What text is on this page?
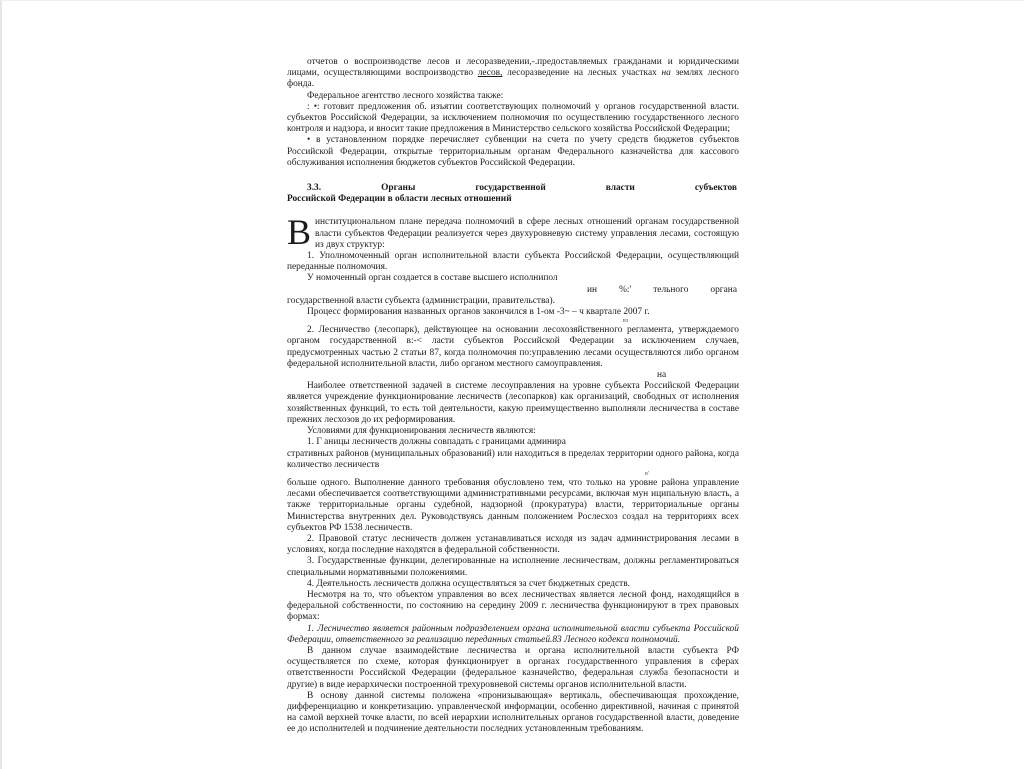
отчетов о воспроизводстве лесов и лесоразведении,-.предоставляемых гражданами и юридическими лицами, осуществляющими воспроизводство лесов, лесоразведение на лесных участках на землях лесного фонда.

Федеральное агентство лесного хозяйства также:

: •: готовит предложения об. изъятии соответствующих полномочий у органов государственной власти. субъектов Российской Федерации, за исключением полномочия по осуществлению государственного лесного контроля и надзора, и вносит такие предложения в Министерство сельского хозяйства Российской Федерации;

• в установленном порядке перечисляет субвенции на счета по учету средств бюджетов субъектов Российской Федерации, открытые территориальным органам Федерального казначейства для кассового обслуживания исполнения бюджетов субъектов Российской Федерации.

3.3.	Органы	государственной	власти	субъектов
Российской Федерации в области лесных отношений

Винституциональном плане передача полномочий в сфере лесных отношений органам государственной власти субъектов Федерации реализуется через двухуровневую систему управления лесами, состоящую из двух структур:

1. Уполномоченный орган исполнительной власти субъекта Российской Федерации, осуществляющий переданные полномочия.

У номоченный орган создается в составе высшего исполнипол

ин %:' тельного органа

государственной власти субъекта (администрации, правительства).

Процесс формирования названных органов закончился в 1-ом -3~ – ч квартале 2007 г.

вз

2. Лесничество (лесопарк), действующее на основании лесохозяйственного регламента, утверждаемого органом государственной в:-< ласти субъектов Российской Федерации за исключением случаев, предусмотренных частью 2 статьи 87, когда полномочия по:управлению лесами осуществляются либо органом федеральной исполнительной власти, либо органом местного самоуправления.

на

Наиболее ответственной задачей в системе лесоуправления на уровне субъекта Российской Федерации является учреждение функционирование лесничеств (лесопарков) как организаций, свободных от исполнения хозяйственных функций, то есть той деятельности, какую преимущественно выполняли лесничества в составе прежних лесхозов до их реформирования.

Условиями для функционирования лесничеств являются:

1. Г аницы лесничеств должны совпадать с границами админира

стративных районов (муниципальных образований) или находиться в пределах территории одного района, когда количество лесничеств

в'

больше одного. Выполнение данного требования обусловлено тем, что только на уровне района управление лесами обеспечивается соответствующими административными ресурсами, включая мун иципальную власть, а также территориальные органы судебной, надзорной (прокуратура) власти, территориальные органы Министерства внутренних дел. Руководствуясь данным положением Рослесхоз создал на территориях всех субъектов РФ 1538 лесничеств.

2. Правовой статус лесничеств должен устанавливаться исходя из задач администрирования лесами в условиях, когда последние находятся в федеральной собственности.

3. Государственные функции, делегированные на исполнение лесничествам, должны регламентироваться специальными нормативными положениями.

4. Деятельность лесничеств должна осуществляться за счет бюджетных средств.

Несмотря на то, что объектом управления во всех лесничествах является лесной фонд, находящийся в федеральной собственности, по состоянию на середину 2009 г. лесничества функционируют в трех правовых формах:

1. Лесничество является районным подразделением органа исполнительной власти субъекта Российской Федерации, ответственного за реализацию переданных статьей.83 Лесного кодекса полномочий.

В данном случае взаимодействие лесничества и органа исполнительной власти субъекта РФ осуществляется по схеме, которая функционирует в органах государственного управления в сферах ответственности Российской Федерации (федеральное казначейство, федеральная служба безопасности и другие) в виде иерархически построенной трехуровневой системы органов исполнительной власти.

В основу данной системы положена «пронизывающая» вертикаль, обеспечивающая прохождение, дифференциацию и конкретизацию. управленческой информации, особенно директивной, начиная с принятой на самой верхней точке власти, по всей иерархии исполнительных органов государственной власти, доведение ее до исполнителей и подчинение деятельности последних установленным требованиям.
